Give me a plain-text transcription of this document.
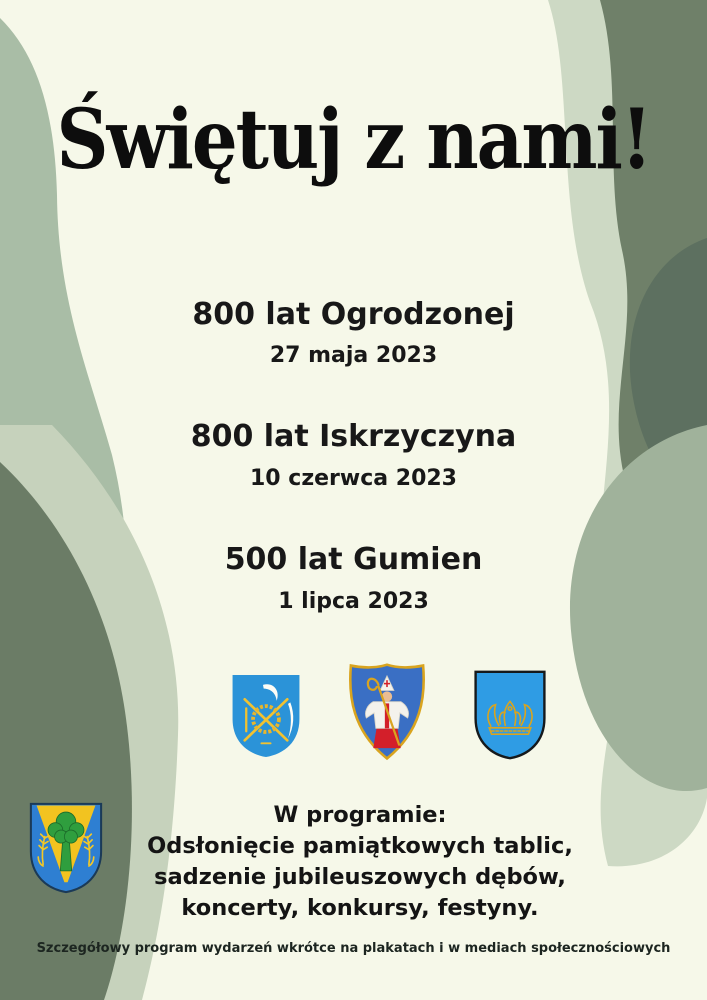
Świętuj z nami!
800 lat Ogrodzonej
27 maja 2023
800 lat Iskrzyczyna
10 czerwca 2023
500 lat Gumien
1 lipca 2023
W programie:
Odsłonięcie pamiątkowych tablic,
sadzenie jubileuszowych dębów,
koncerty, konkursy, festyny.
Szczegółowy program wydarzeń wkrótce na plakatach i w mediach społecznościowych
